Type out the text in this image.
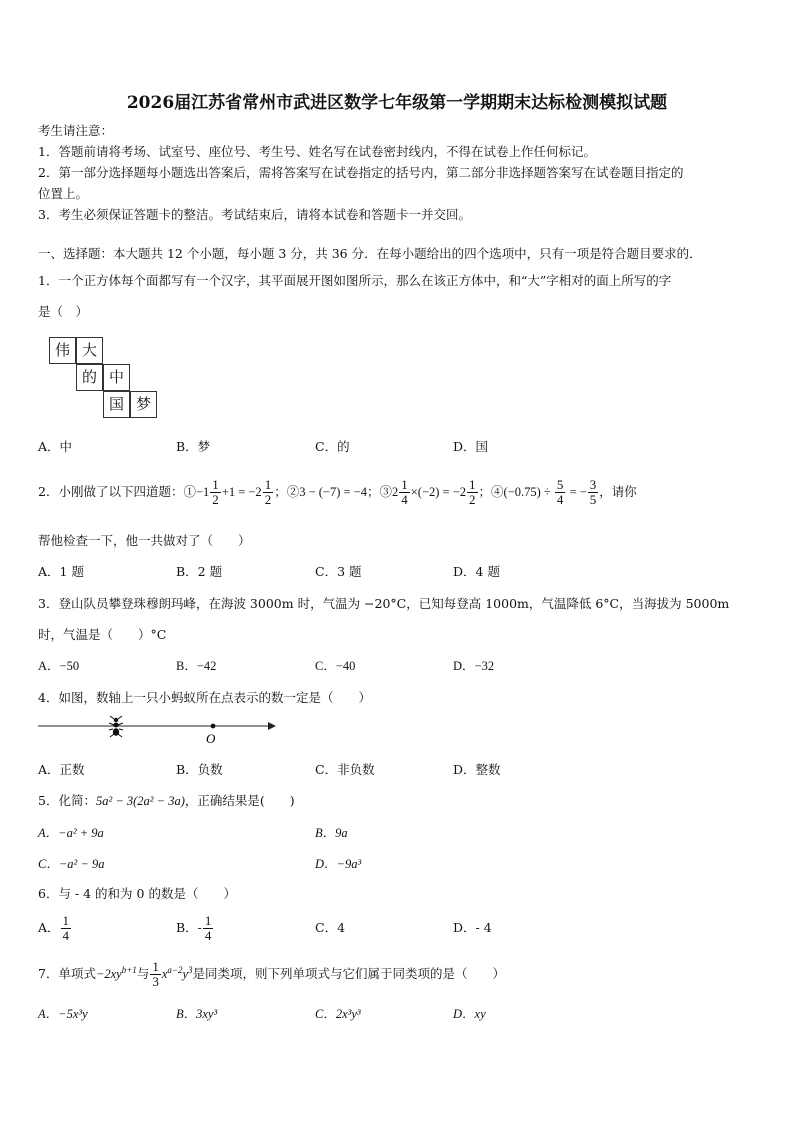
2026届江苏省常州市武进区数学七年级第一学期期末达标检测模拟试题
考生请注意：
1．答题前请将考场、试室号、座位号、考生号、姓名写在试卷密封线内，不得在试卷上作任何标记。
2．第一部分选择题每小题选出答案后，需将答案写在试卷指定的括号内，第二部分非选择题答案写在试卷题目指定的
位置上。
3．考生必须保证答题卡的整洁。考试结束后，请将本试卷和答题卡一并交回。
一、选择题：本大题共 12 个小题，每小题 3 分，共 36 分．在每小题给出的四个选项中，只有一项是符合题目要求的．
1．一个正方体每个面都写有一个汉字，其平面展开图如图所示，那么在该正方体中，和“大”字相对的面上所写的字
是（　）
伟 大
的 中
国 梦
A．中	B．梦	C．的	D．国
2．小刚做了以下四道题：①−1 $\frac{1}{2} +1 = -2 \frac{1}{2}$ ；②3 − (−7) = −4；③2 $\frac{1}{4} \times(-2) = -2 \frac{1}{2}$ ；④(−0.75) ÷ $\frac{5}{4}$ = − $\frac{3}{5}$ ，请你
帮他检查一下，他一共做对了（　　）
A．1 题	B．2 题	C．3 题	D．4 题
3．登山队员攀登珠穆朗玛峰，在海波 3000m 时，气温为 −20°C，已知每登高 1000m，气温降低 6°C，当海拔为 5000m
时，气温是（　　）°C
A．−50	B．−42	C．−40	D．−32
4．如图，数轴上一只小蚂蚁所在点表示的数一定是（　　）
O
A．正数	B．负数	C．非负数	D．整数
5．化简：5a² − 3(2a² − 3a)，正确结果是(　　)
A．−a² + 9a	B．9a
C．−a² − 9a	D．−9a³
6．与 - 4 的和为 0 的数是（　　）
A． $\frac{1}{4}$	B．- $\frac{1}{4}$	C．4	D．- 4
7．单项式$-2xy^{b+1}$与 $\frac{1}{3} x^{a-2}y^3$是同类项，则下列单项式与它们属于同类项的是（　　）
A．−5x³y	B．3xy³	C．2x³y³	D．xy
